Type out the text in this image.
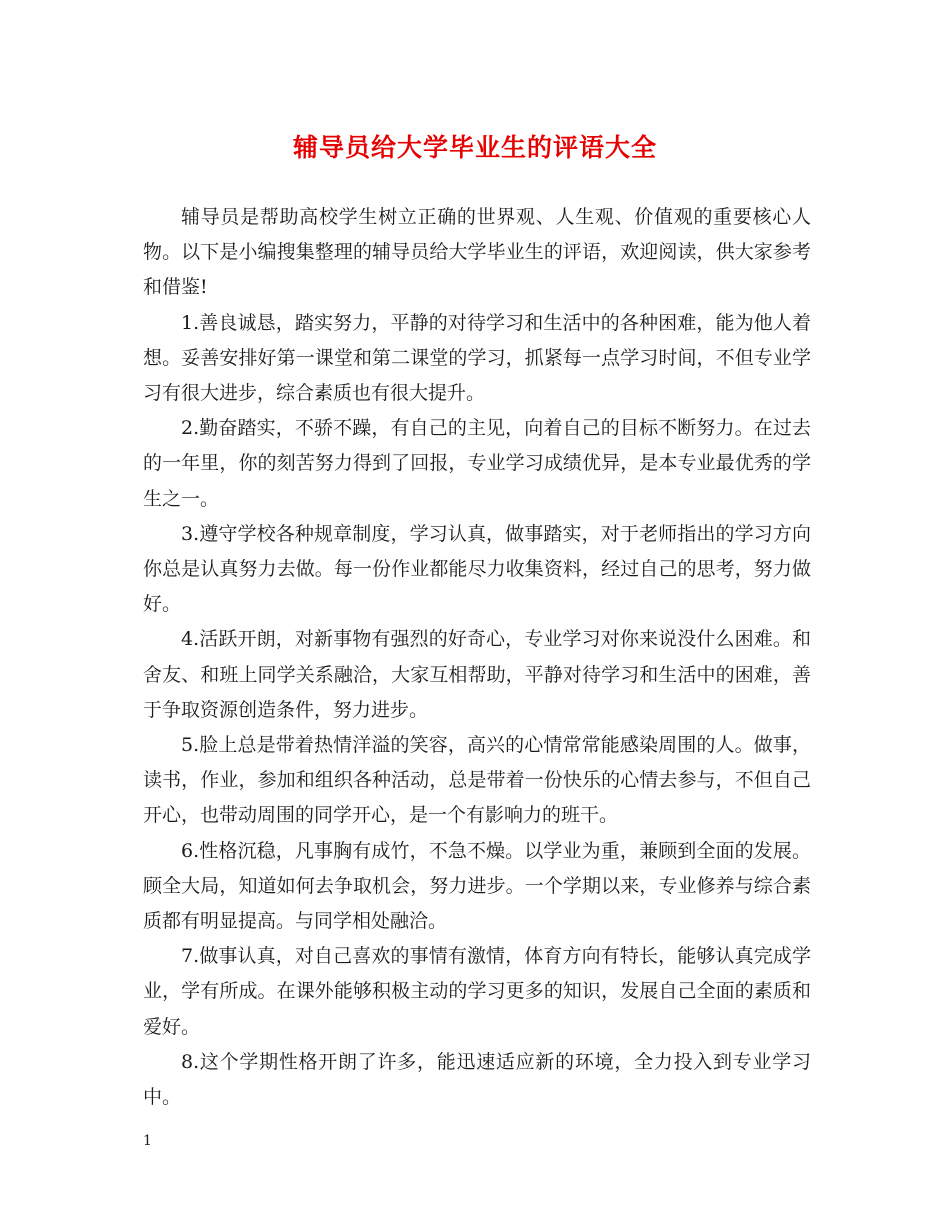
辅导员给大学毕业生的评语大全

辅导员是帮助高校学生树立正确的世界观、人生观、价值观的重要核心人物。以下是小编搜集整理的辅导员给大学毕业生的评语，欢迎阅读，供大家参考和借鉴!

1.善良诚恳，踏实努力，平静的对待学习和生活中的各种困难，能为他人着想。妥善安排好第一课堂和第二课堂的学习，抓紧每一点学习时间，不但专业学习有很大进步，综合素质也有很大提升。

2.勤奋踏实，不骄不躁，有自己的主见，向着自己的目标不断努力。在过去的一年里，你的刻苦努力得到了回报，专业学习成绩优异，是本专业最优秀的学生之一。

3.遵守学校各种规章制度，学习认真，做事踏实，对于老师指出的学习方向你总是认真努力去做。每一份作业都能尽力收集资料，经过自己的思考，努力做好。

4.活跃开朗，对新事物有强烈的好奇心，专业学习对你来说没什么困难。和舍友、和班上同学关系融洽，大家互相帮助，平静对待学习和生活中的困难，善于争取资源创造条件，努力进步。

5.脸上总是带着热情洋溢的笑容，高兴的心情常常能感染周围的人。做事，读书，作业，参加和组织各种活动，总是带着一份快乐的心情去参与，不但自己开心，也带动周围的同学开心，是一个有影响力的班干。

6.性格沉稳，凡事胸有成竹，不急不燥。以学业为重，兼顾到全面的发展。顾全大局，知道如何去争取机会，努力进步。一个学期以来，专业修养与综合素质都有明显提高。与同学相处融洽。

7.做事认真，对自己喜欢的事情有激情，体育方向有特长，能够认真完成学业，学有所成。在课外能够积极主动的学习更多的知识，发展自己全面的素质和爱好。

8.这个学期性格开朗了许多，能迅速适应新的环境，全力投入到专业学习中。

1
